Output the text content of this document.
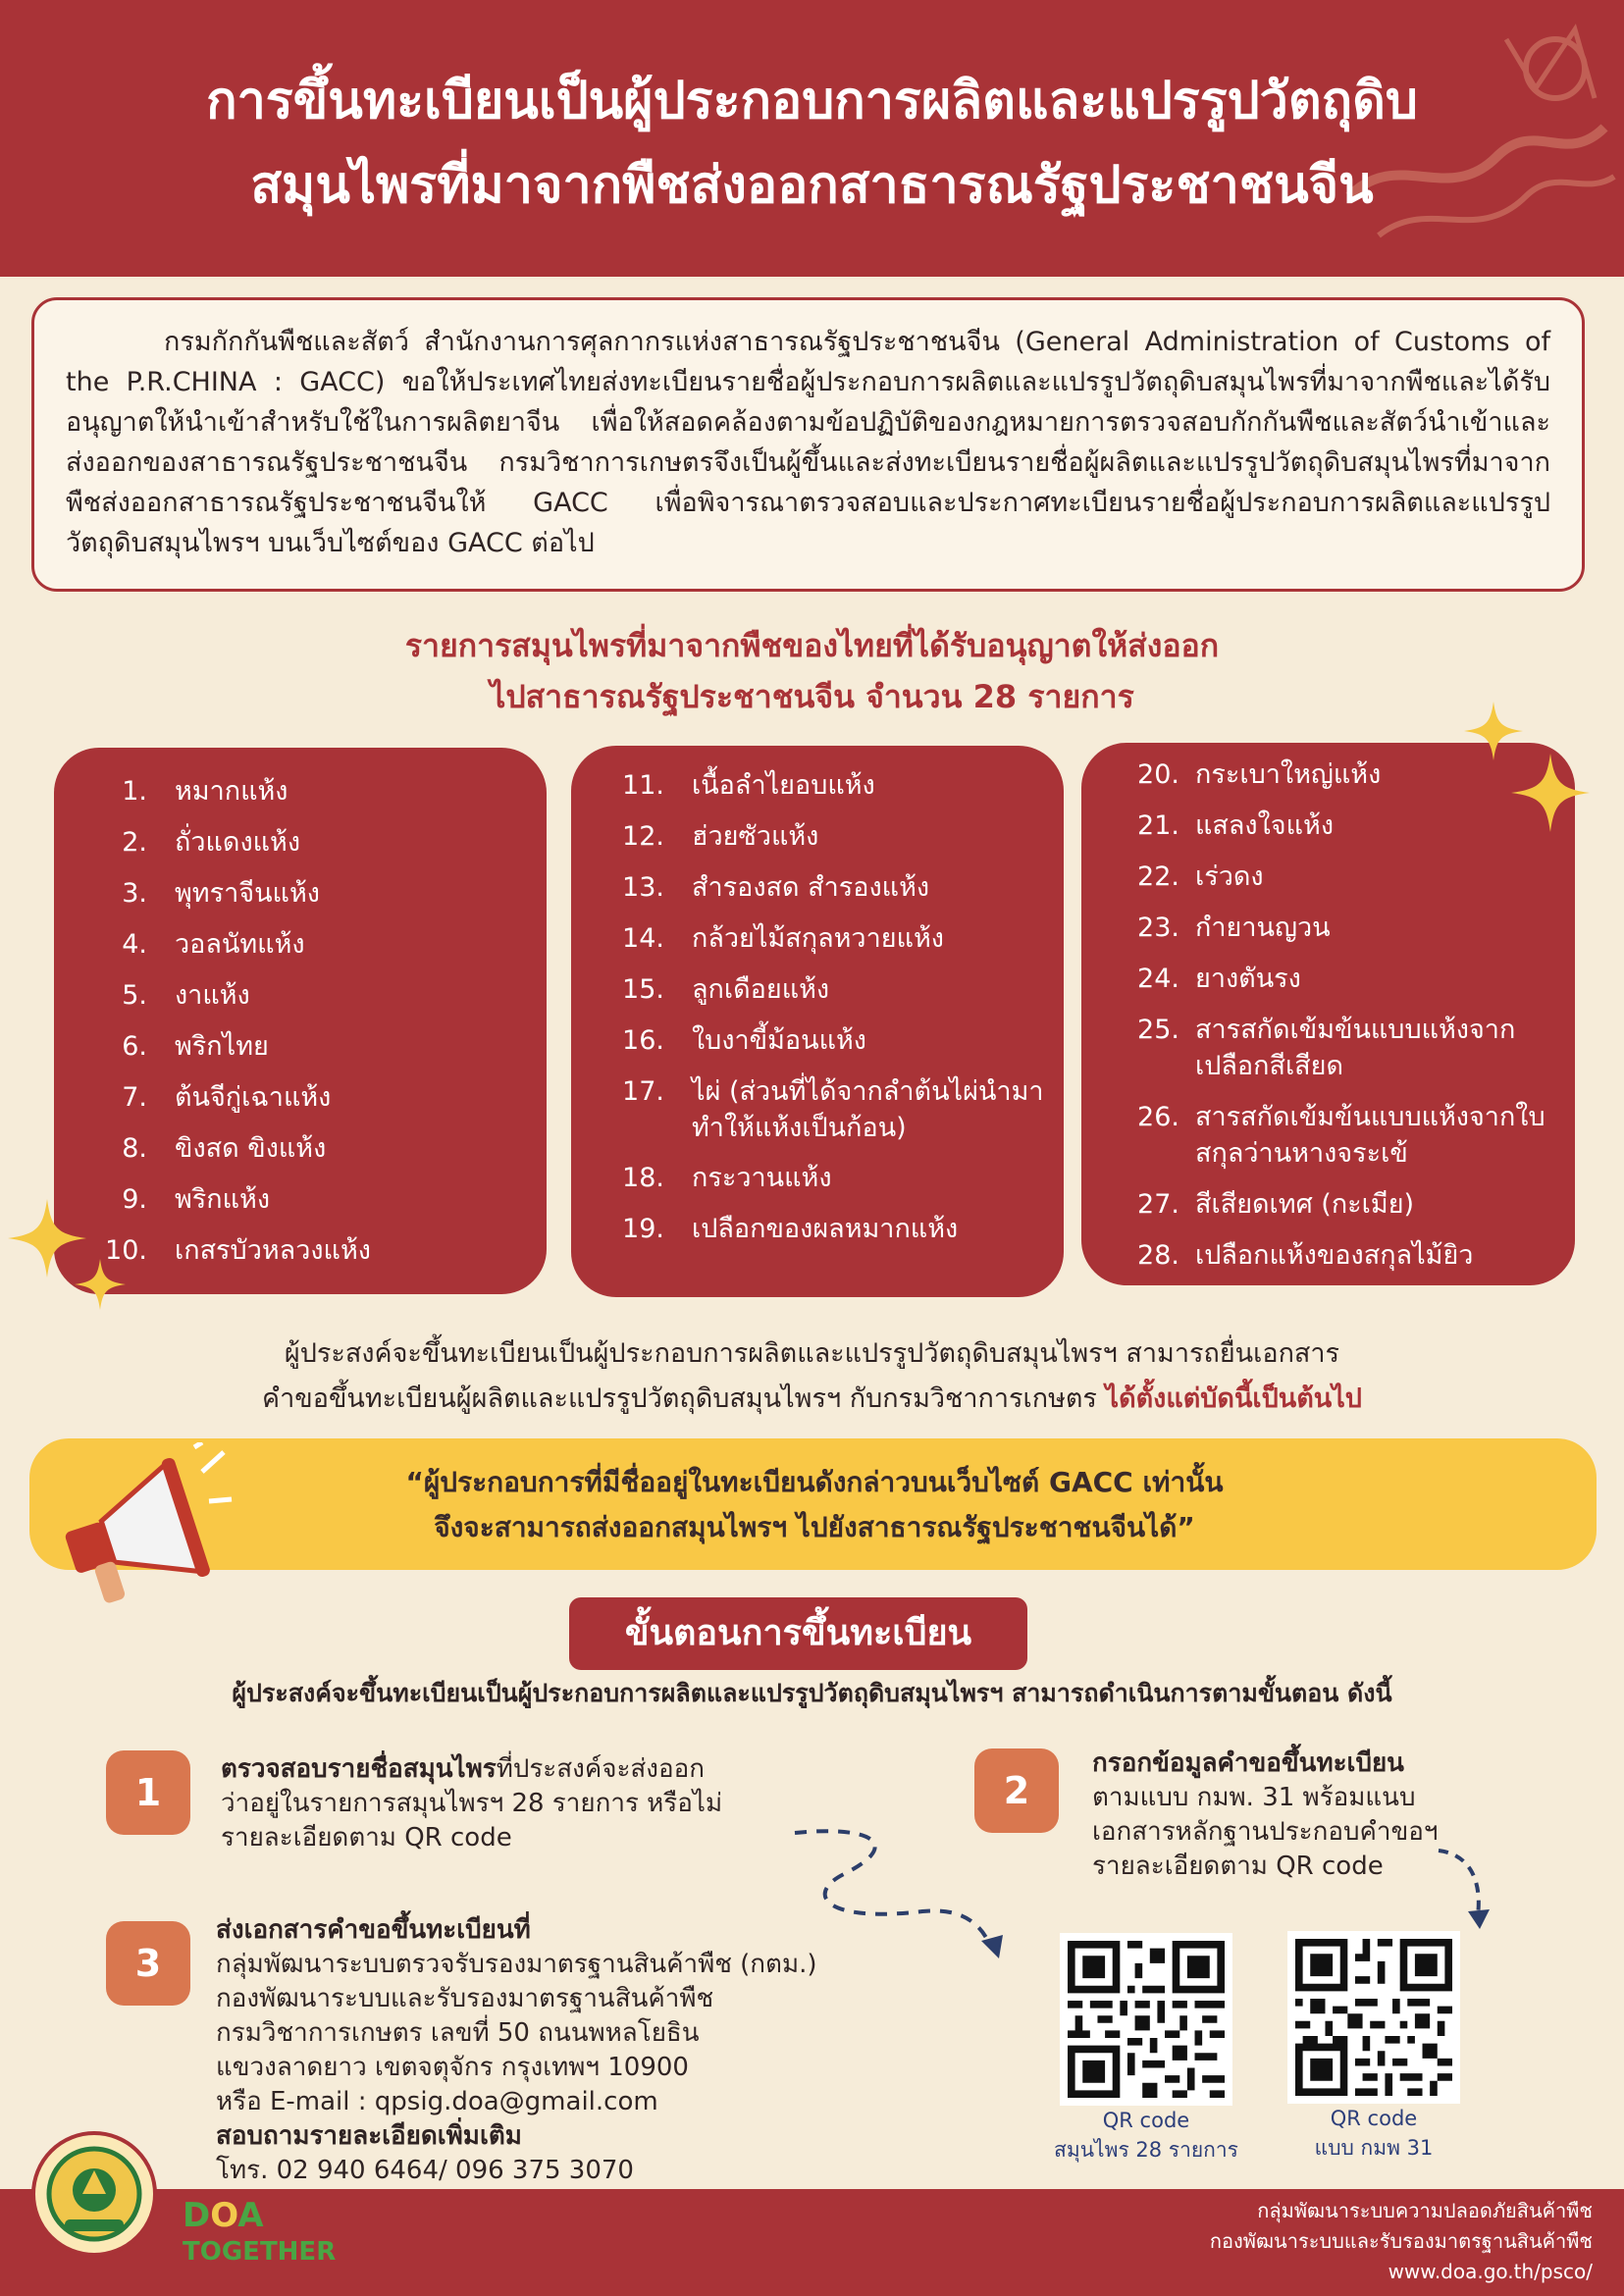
การขึ้นทะเบียนเป็นผู้ประกอบการผลิตและแปรรูปวัตถุดิบ
สมุนไพรที่มาจากพืชส่งออกสาธารณรัฐประชาชนจีน

กรมกักกันพืชและสัตว์ สำนักงานการศุลกากรแห่งสาธารณรัฐประชาชนจีน (General Administration of Customs of the P.R.CHINA : GACC) ขอให้ประเทศไทยส่งทะเบียนรายชื่อผู้ประกอบการผลิตและแปรรูปวัตถุดิบสมุนไพรที่มาจากพืชและได้รับอนุญาตให้นำเข้าสำหรับใช้ในการผลิตยาจีน เพื่อให้สอดคล้องตามข้อปฏิบัติของกฎหมายการตรวจสอบกักกันพืชและสัตว์นำเข้าและส่งออกของสาธารณรัฐประชาชนจีน กรมวิชาการเกษตรจึงเป็นผู้ขึ้นและส่งทะเบียนรายชื่อผู้ผลิตและแปรรูปวัตถุดิบสมุนไพรที่มาจากพืชส่งออกสาธารณรัฐประชาชนจีนให้ GACC เพื่อพิจารณาตรวจสอบและประกาศทะเบียนรายชื่อผู้ประกอบการผลิตและแปรรูปวัตถุดิบสมุนไพรฯ บนเว็บไซต์ของ GACC ต่อไป

รายการสมุนไพรที่มาจากพืชของไทยที่ได้รับอนุญาตให้ส่งออก
ไปสาธารณรัฐประชาชนจีน จำนวน 28 รายการ
1.	หมากแห้ง
2.	ถั่วแดงแห้ง
3.	พุทราจีนแห้ง
4.	วอลนัทแห้ง
5.	งาแห้ง
6.	พริกไทย
7.	ต้นจีกู่เฉาแห้ง
8.	ขิงสด ขิงแห้ง
9.	พริกแห้ง
10.	เกสรบัวหลวงแห้ง
11.	เนื้อลำไยอบแห้ง
12.	ฮ่วยซัวแห้ง
13.	สำรองสด สำรองแห้ง
14.	กล้วยไม้สกุลหวายแห้ง
15.	ลูกเดือยแห้ง
16.	ใบงาขี้ม้อนแห้ง
17.	ไผ่ (ส่วนที่ได้จากลำต้นไผ่นำมาทำให้แห้งเป็นก้อน)
18.	กระวานแห้ง
19.	เปลือกของผลหมากแห้ง
20. กระเบาใหญ่แห้ง
21. แสลงใจแห้ง
22. เร่วดง
23. กำยานญวน
24. ยางตันรง
25. สารสกัดเข้มข้นแบบแห้งจากเปลือกสีเสียด
26. สารสกัดเข้มข้นแบบแห้งจากใบสกุลว่านหางจระเข้
27. สีเสียดเทศ (กะเมีย)
28. เปลือกแห้งของสกุลไม้ยิว
ผู้ประสงค์จะขึ้นทะเบียนเป็นผู้ประกอบการผลิตและแปรรูปวัตถุดิบสมุนไพรฯ สามารถยื่นเอกสาร
คำขอขึ้นทะเบียนผู้ผลิตและแปรรูปวัตถุดิบสมุนไพรฯ กับกรมวิชาการเกษตร ได้ตั้งแต่บัดนี้เป็นต้นไป
“ผู้ประกอบการที่มีชื่ออยู่ในทะเบียนดังกล่าวบนเว็บไซต์ GACC เท่านั้น
จึงจะสามารถส่งออกสมุนไพรฯ ไปยังสาธารณรัฐประชาชนจีนได้”
ขั้นตอนการขึ้นทะเบียน
ผู้ประสงค์จะขึ้นทะเบียนเป็นผู้ประกอบการผลิตและแปรรูปวัตถุดิบสมุนไพรฯ สามารถดำเนินการตามขั้นตอน ดังนี้
1
ตรวจสอบรายชื่อสมุนไพรที่ประสงค์จะส่งออก
ว่าอยู่ในรายการสมุนไพรฯ 28 รายการ หรือไม่
รายละเอียดตาม QR code
2
กรอกข้อมูลคำขอขึ้นทะเบียน
ตามแบบ กมพ. 31 พร้อมแนบ
เอกสารหลักฐานประกอบคำขอฯ
รายละเอียดตาม QR code
3
ส่งเอกสารคำขอขึ้นทะเบียนที่
กลุ่มพัฒนาระบบตรวจรับรองมาตรฐานสินค้าพืช (กตม.)
กองพัฒนาระบบและรับรองมาตรฐานสินค้าพืช
กรมวิชาการเกษตร เลขที่ 50 ถนนพหลโยธิน
แขวงลาดยาว เขตจตุจักร กรุงเทพฯ 10900
หรือ E-mail : qpsig.doa@gmail.com
สอบถามรายละเอียดเพิ่มเติม
โทร. 02 940 6464/ 096 375 3070
QR code
สมุนไพร 28 รายการ
QR code
แบบ กมพ 31
DOA
TOGETHER
กลุ่มพัฒนาระบบความปลอดภัยสินค้าพืช
กองพัฒนาระบบและรับรองมาตรฐานสินค้าพืช
www.doa.go.th/psco/
